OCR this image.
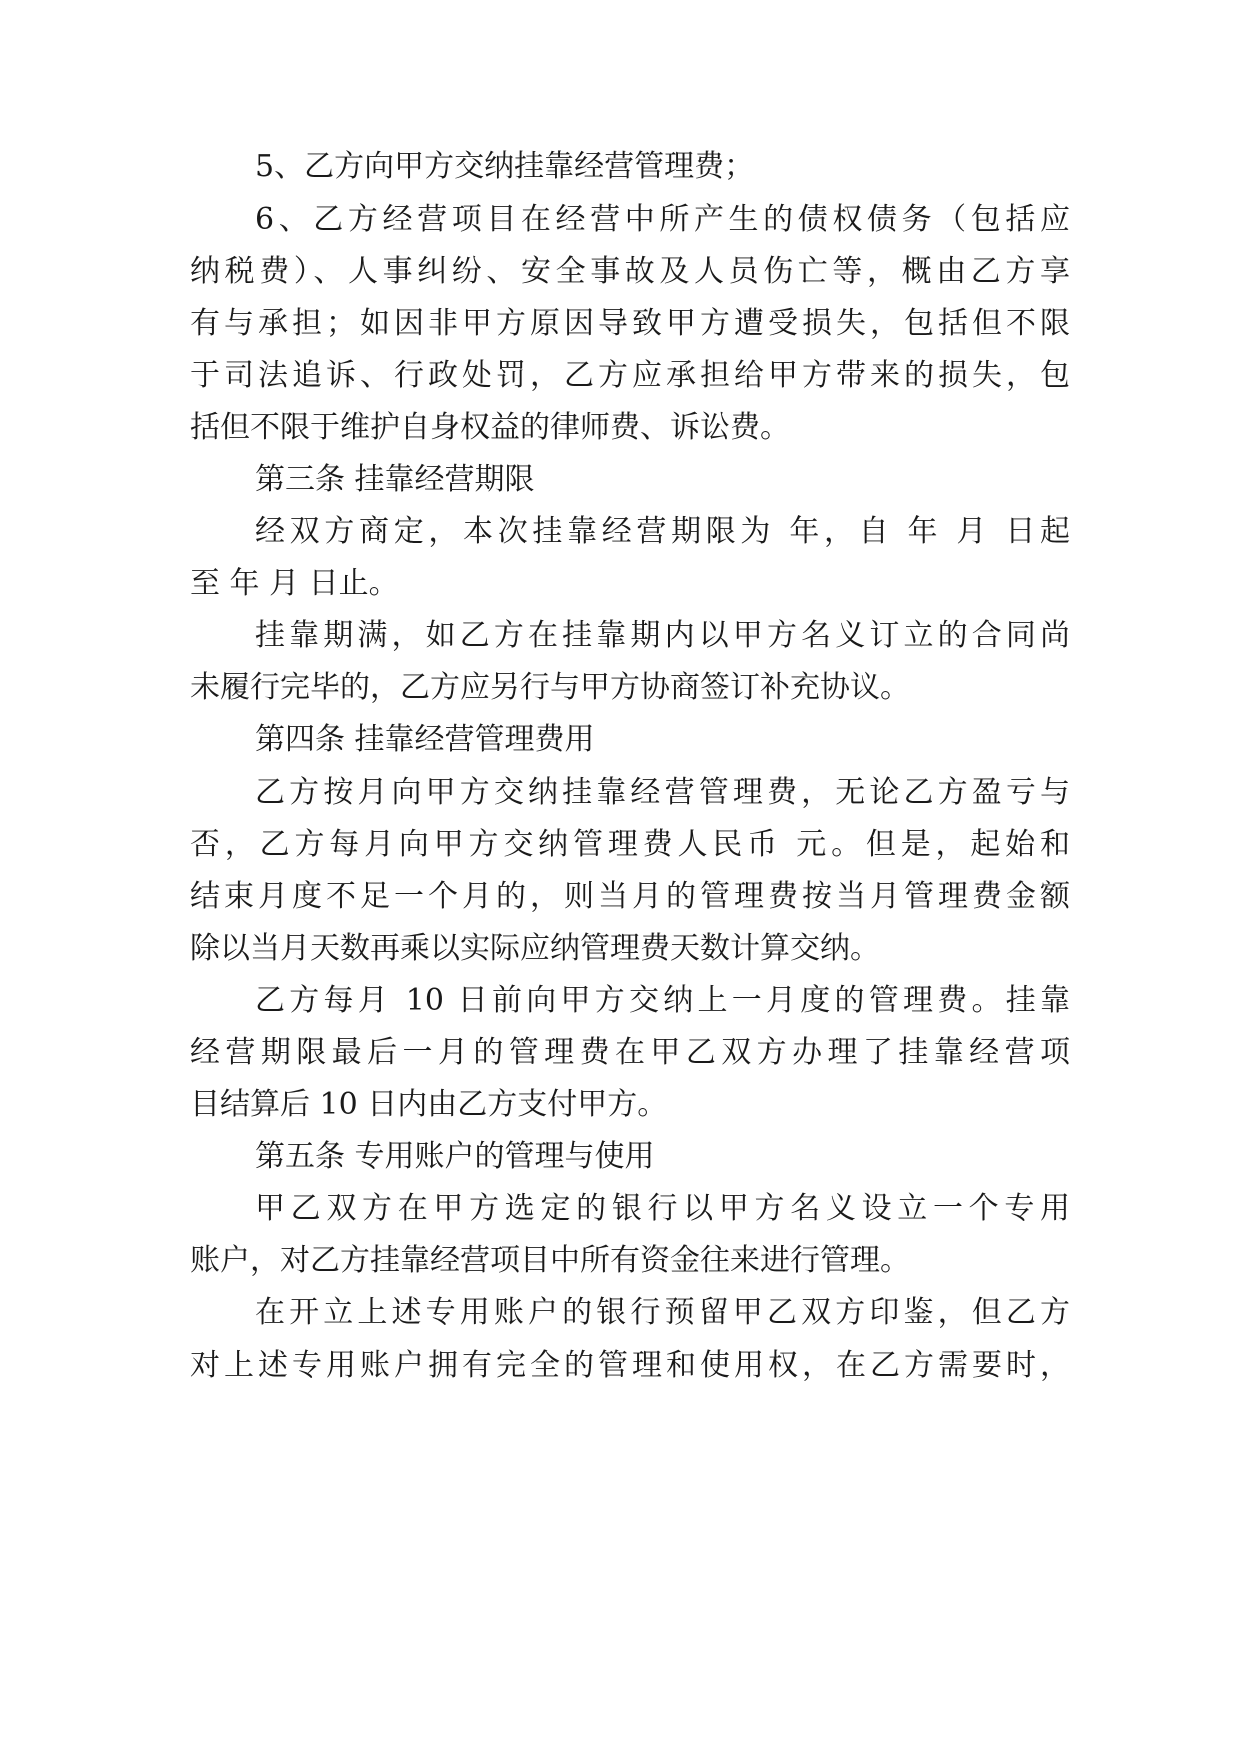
5、乙方向甲方交纳挂靠经营管理费；
6、乙方经营项目在经营中所产生的债权债务（包括应
纳税费）、人事纠纷、安全事故及人员伤亡等，概由乙方享
有与承担；如因非甲方原因导致甲方遭受损失，包括但不限
于司法追诉、行政处罚，乙方应承担给甲方带来的损失，包
括但不限于维护自身权益的律师费、诉讼费。
第三条 挂靠经营期限
经双方商定，本次挂靠经营期限为 年，自 年 月 日起
至 年 月 日止。
挂靠期满，如乙方在挂靠期内以甲方名义订立的合同尚
未履行完毕的，乙方应另行与甲方协商签订补充协议。
第四条 挂靠经营管理费用
乙方按月向甲方交纳挂靠经营管理费，无论乙方盈亏与
否，乙方每月向甲方交纳管理费人民币 元。但是，起始和
结束月度不足一个月的，则当月的管理费按当月管理费金额
除以当月天数再乘以实际应纳管理费天数计算交纳。
乙方每月 10 日前向甲方交纳上一月度的管理费。挂靠
经营期限最后一月的管理费在甲乙双方办理了挂靠经营项
目结算后 10 日内由乙方支付甲方。
第五条 专用账户的管理与使用
甲乙双方在甲方选定的银行以甲方名义设立一个专用
账户，对乙方挂靠经营项目中所有资金往来进行管理。
在开立上述专用账户的银行预留甲乙双方印鉴，但乙方
对上述专用账户拥有完全的管理和使用权，在乙方需要时，
